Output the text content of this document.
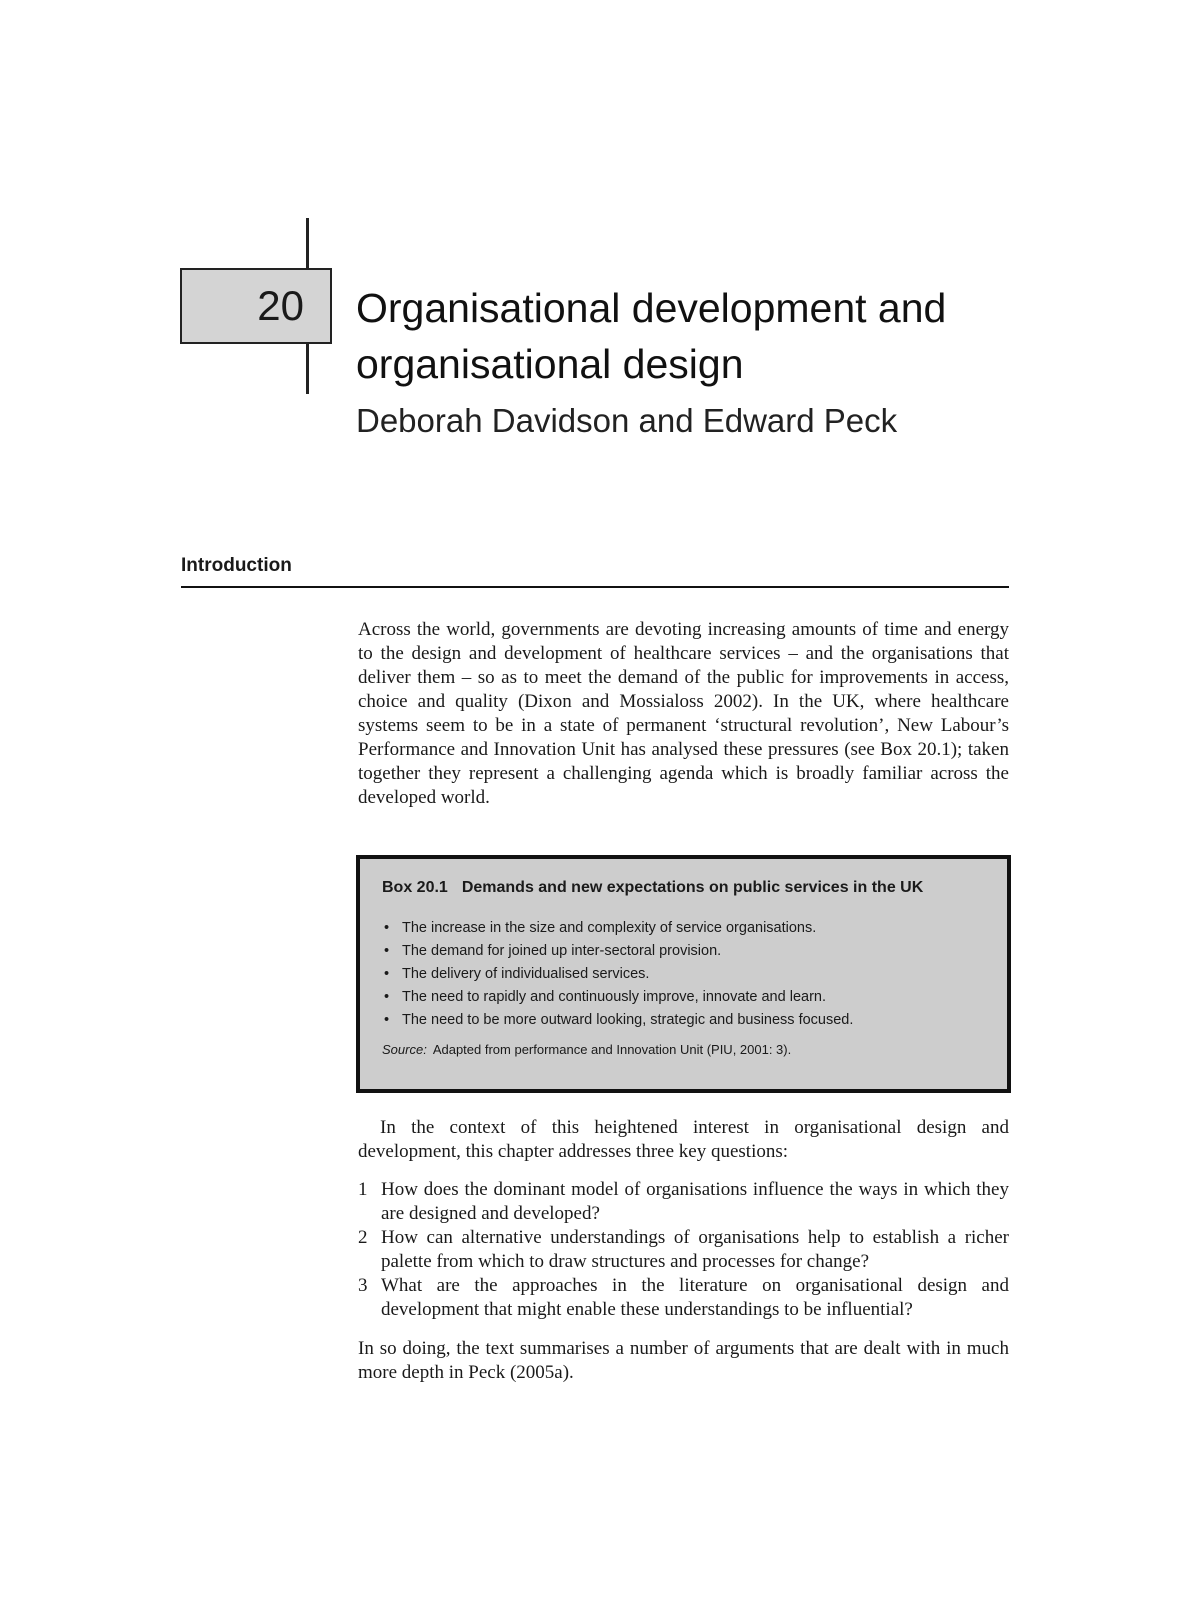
20 Organisational development and
organisational design
Deborah Davidson and Edward Peck
Introduction

Across the world, governments are devoting increasing amounts of time and energy to the design and development of healthcare services – and the organisations that deliver them – so as to meet the demand of the public for improvements in access, choice and quality (Dixon and Mossialoss 2002). In the UK, where healthcare systems seem to be in a state of permanent ‘structural revolution’, New Labour’s Performance and Innovation Unit has analysed these pressures (see Box 20.1); taken together they represent a challenging agenda which is broadly familiar across the developed world.

Box 20.1 Demands and new expectations on public services in the UK
• The increase in the size and complexity of service organisations.
• The demand for joined up inter-sectoral provision.
• The delivery of individualised services.
• The need to rapidly and continuously improve, innovate and learn.
• The need to be more outward looking, strategic and business focused.
Source: Adapted from performance and Innovation Unit (PIU, 2001: 3).

In the context of this heightened interest in organisational design and development, this chapter addresses three key questions:

1 How does the dominant model of organisations influence the ways in which they are designed and developed?
2 How can alternative understandings of organisations help to establish a richer palette from which to draw structures and processes for change?
3 What are the approaches in the literature on organisational design and development that might enable these understandings to be influential?

In so doing, the text summarises a number of arguments that are dealt with in much more depth in Peck (2005a).
